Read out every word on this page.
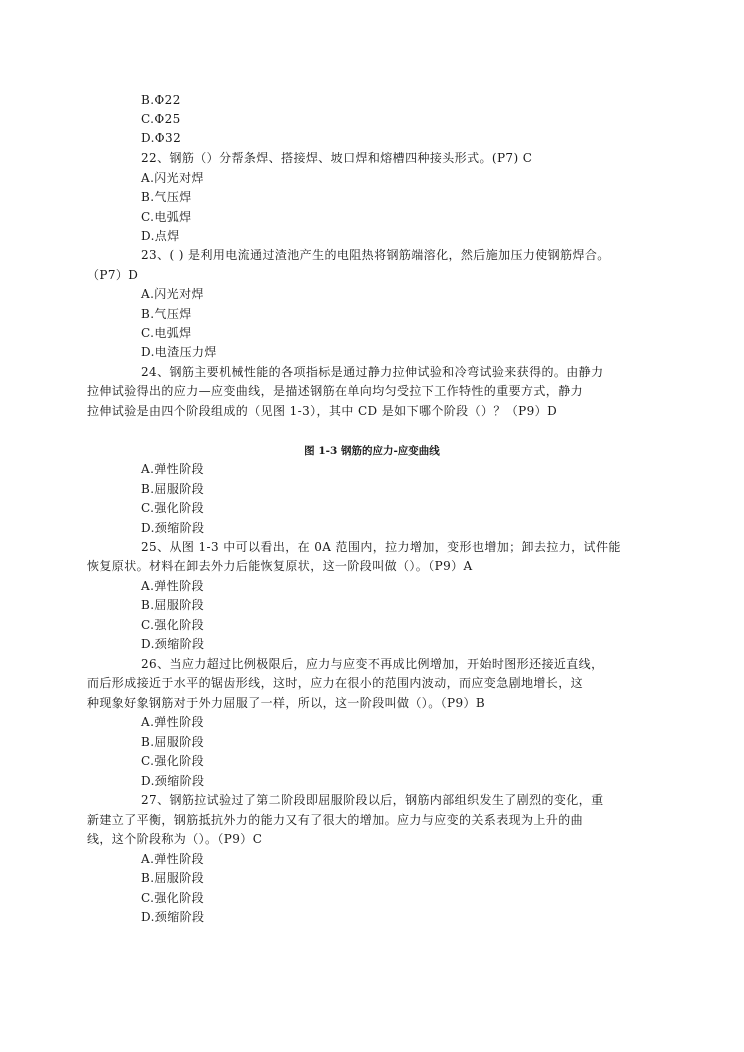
B.Φ22
C.Φ25
D.Φ32
22、钢筋（）分帮条焊、搭接焊、坡口焊和熔槽四种接头形式。(P7) C
A.闪光对焊
B.气压焊
C.电弧焊
D.点焊
23、( ) 是利用电流通过渣池产生的电阻热将钢筋端溶化，然后施加压力使钢筋焊合。
（P7）D
A.闪光对焊
B.气压焊
C.电弧焊
D.电渣压力焊
24、钢筋主要机械性能的各项指标是通过静力拉伸试验和冷弯试验来获得的。由静力
拉伸试验得出的应力—应变曲线，是描述钢筋在单向均匀受拉下工作特性的重要方式，静力
拉伸试验是由四个阶段组成的（见图 1-3），其中 CD 是如下哪个阶段（）？（P9）D
图 1-3 钢筋的应力-应变曲线
A.弹性阶段
B.屈服阶段
C.强化阶段
D.颈缩阶段
25、从图 1-3 中可以看出，在 0A 范围内，拉力增加，变形也增加；卸去拉力，试件能
恢复原状。材料在卸去外力后能恢复原状，这一阶段叫做（）。（P9）A
A.弹性阶段
B.屈服阶段
C.强化阶段
D.颈缩阶段
26、当应力超过比例极限后，应力与应变不再成比例增加，开始时图形还接近直线，
而后形成接近于水平的锯齿形线，这时，应力在很小的范围内波动，而应变急剧地增长，这
种现象好象钢筋对于外力屈服了一样，所以，这一阶段叫做（）。（P9）B
A.弹性阶段
B.屈服阶段
C.强化阶段
D.颈缩阶段
27、钢筋拉试验过了第二阶段即屈服阶段以后，钢筋内部组织发生了剧烈的变化，重
新建立了平衡，钢筋抵抗外力的能力又有了很大的增加。应力与应变的关系表现为上升的曲
线，这个阶段称为（）。（P9）C
A.弹性阶段
B.屈服阶段
C.强化阶段
D.颈缩阶段
